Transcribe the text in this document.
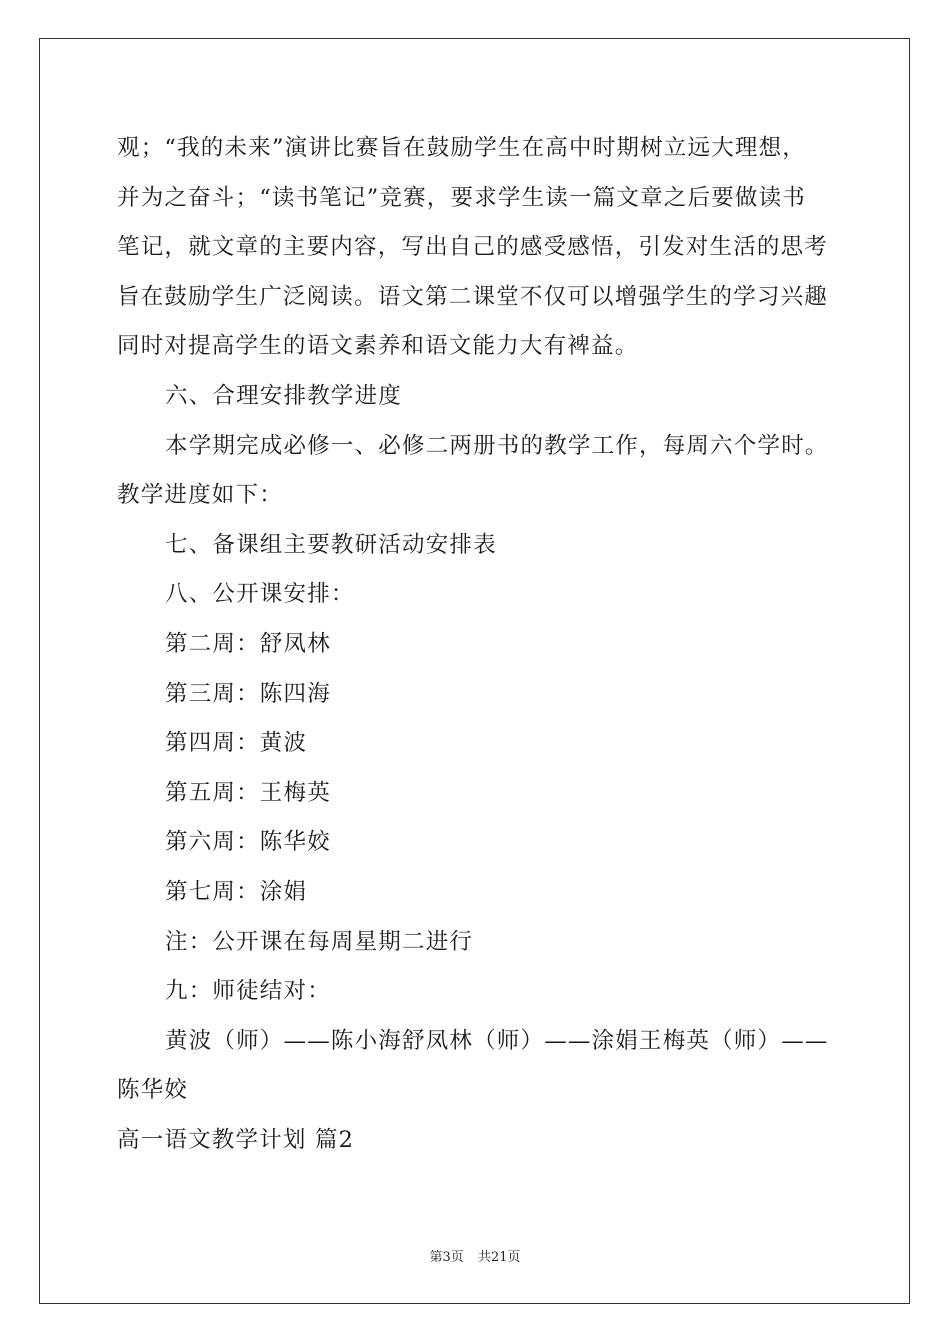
观；“我的未来”演讲比赛旨在鼓励学生在高中时期树立远大理想，

并为之奋斗；“读书笔记”竞赛，要求学生读一篇文章之后要做读书

笔记，就文章的主要内容，写出自己的感受感悟，引发对生活的思考

旨在鼓励学生广泛阅读。语文第二课堂不仅可以增强学生的学习兴趣

同时对提高学生的语文素养和语文能力大有裨益。

六、合理安排教学进度

本学期完成必修一、必修二两册书的教学工作，每周六个学时。

教学进度如下：

七、备课组主要教研活动安排表

八、公开课安排：

第二周：舒凤林

第三周：陈四海

第四周：黄波

第五周：王梅英

第六周：陈华姣

第七周：涂娟

注：公开课在每周星期二进行

九：师徒结对：

黄波（师）——陈小海舒凤林（师）——涂娟王梅英（师）——

陈华姣

高一语文教学计划 篇2

第3页 共21页
